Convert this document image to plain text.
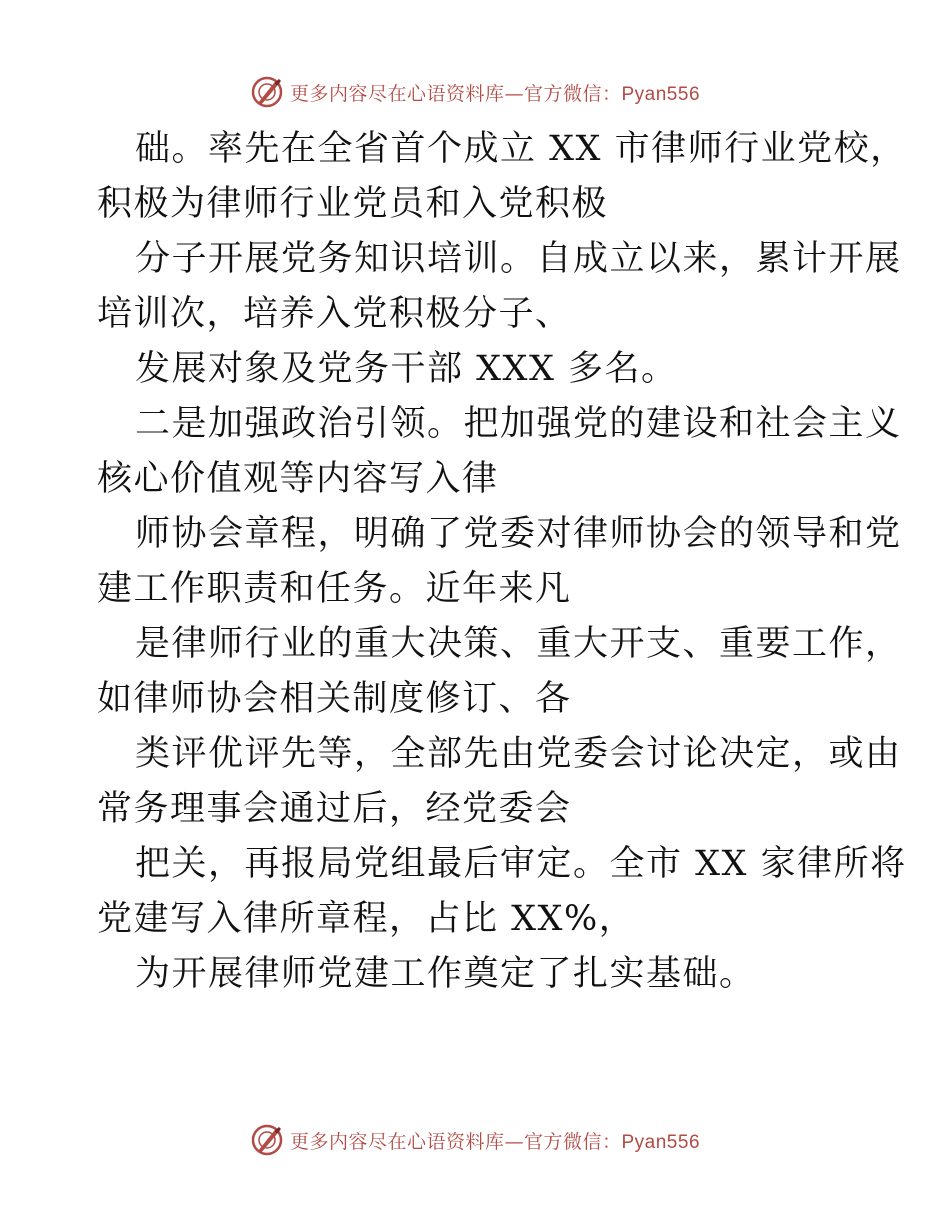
更多内容尽在心语资料库—官方微信：Pyan556
础。率先在全省首个成立 XX 市律师行业党校，
积极为律师行业党员和入党积极
分子开展党务知识培训。自成立以来，累计开展
培训次，培养入党积极分子、
发展对象及党务干部 XXX 多名。
二是加强政治引领。把加强党的建设和社会主义
核心价值观等内容写入律
师协会章程，明确了党委对律师协会的领导和党
建工作职责和任务。近年来凡
是律师行业的重大决策、重大开支、重要工作，
如律师协会相关制度修订、各
类评优评先等，全部先由党委会讨论决定，或由
常务理事会通过后，经党委会
把关，再报局党组最后审定。全市 XX 家律所将
党建写入律所章程，占比 XX%，
为开展律师党建工作奠定了扎实基础。
更多内容尽在心语资料库—官方微信：Pyan556
